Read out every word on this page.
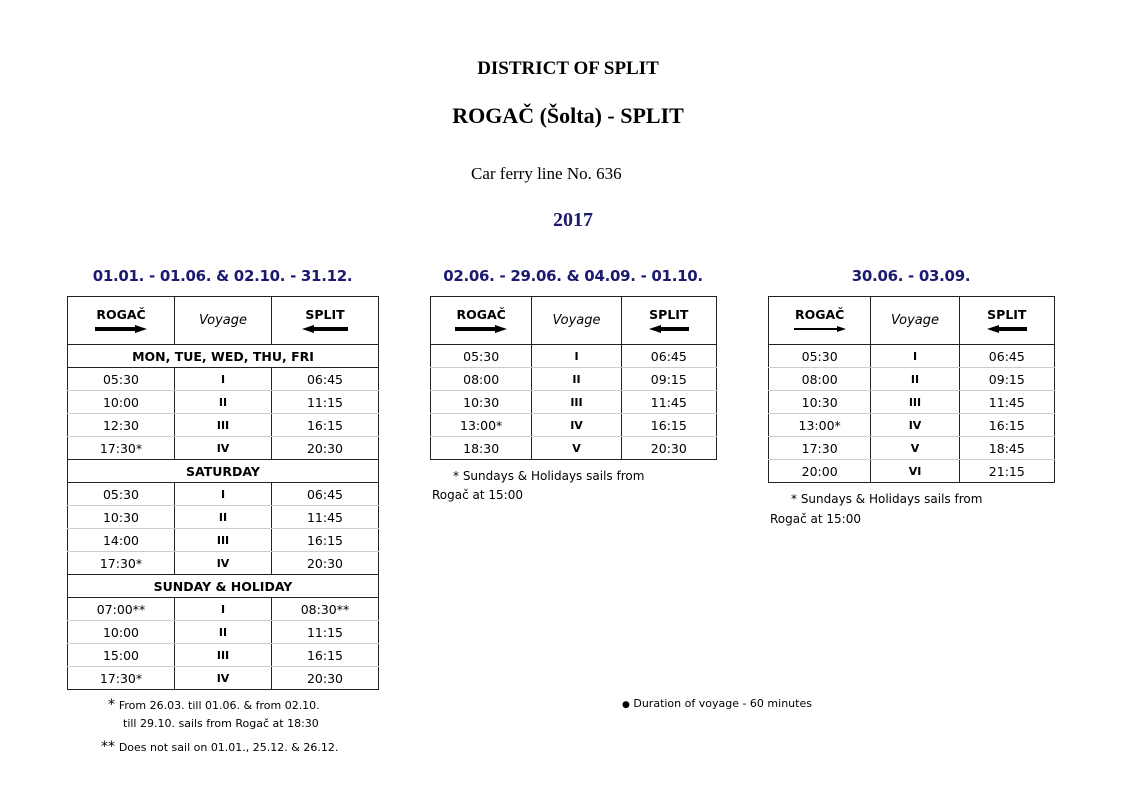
DISTRICT OF SPLIT
ROGAČ (Šolta) - SPLIT
Car ferry line No. 636
2017
01.01. - 01.06. & 02.10. - 31.12.
ROGAČ	Voyage	SPLIT

MON, TUE, WED, THU, FRI		
05:30	I	06:45
10:00	II	11:15
12:30	III	16:15
17:30*	IV	20:30
SATURDAY		
05:30	I	06:45
10:30	II	11:45
14:00	III	16:15
17:30*	IV	20:30
SUNDAY & HOLIDAY		
07:00**	I	08:30**
10:00	II	11:15
15:00	III	16:15
17:30*	IV	20:30
* From 26.03. till 01.06. & from 02.10.
till 29.10. sails from Rogač at 18:30
** Does not sail on 01.01., 25.12. & 26.12.
02.06. - 29.06. & 04.09. - 01.10.
ROGAČ	Voyage	SPLIT

05:30	I	06:45
08:00	II	09:15
10:30	III	11:45
13:00*	IV	16:15
18:30	V	20:30
* Sundays & Holidays sails from
Rogač at 15:00
30.06. - 03.09.
ROGAČ	Voyage	SPLIT

05:30	I	06:45
08:00	II	09:15
10:30	III	11:45
13:00*	IV	16:15
17:30	V	18:45
20:00	VI	21:15
* Sundays & Holidays sails from
Rogač at 15:00
● Duration of voyage - 60 minutes
